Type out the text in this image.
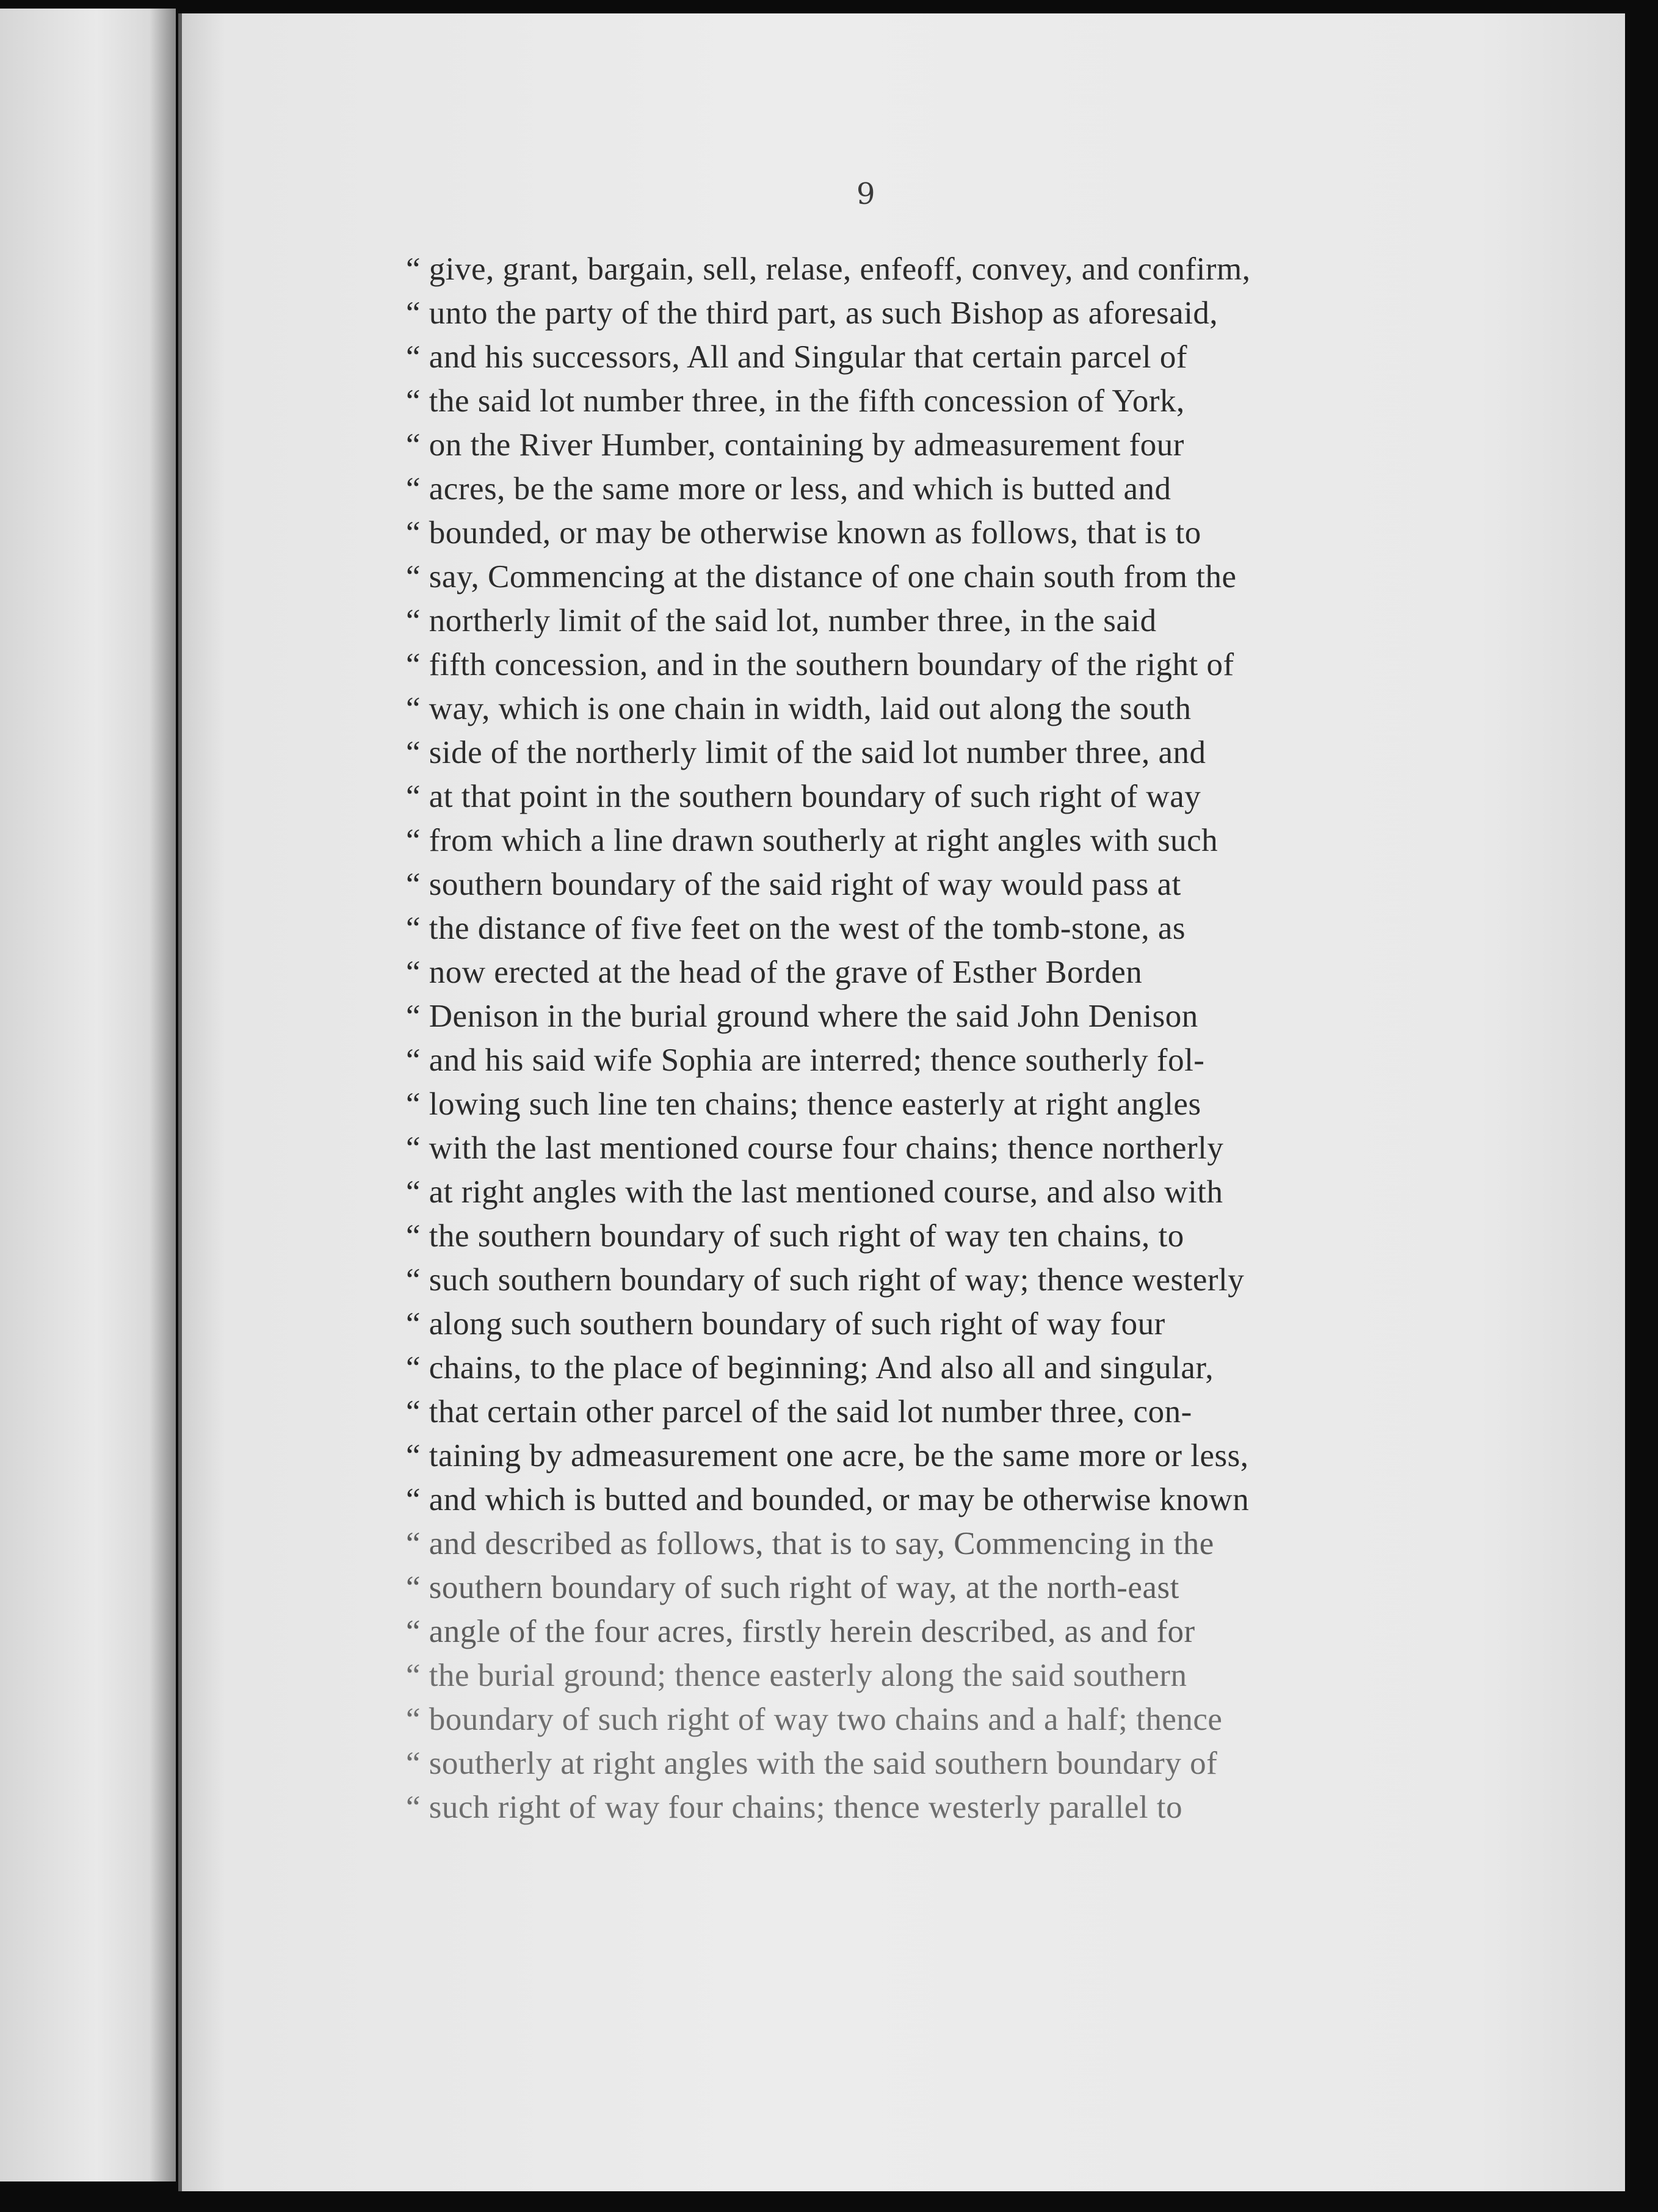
9
“ give, grant, bargain, sell, relase, enfeoff, convey, and confirm,
“ unto the party of the third part, as such Bishop as aforesaid,
“ and his successors, All and Singular that certain parcel of
“ the said lot number three, in the fifth concession of York,
“ on the River Humber, containing by admeasurement four
“ acres, be the same more or less, and which is butted and
“ bounded, or may be otherwise known as follows, that is to
“ say, Commencing at the distance of one chain south from the
“ northerly limit of the said lot, number three, in the said
“ fifth concession, and in the southern boundary of the right of
“ way, which is one chain in width, laid out along the south
“ side of the northerly limit of the said lot number three, and
“ at that point in the southern boundary of such right of way
“ from which a line drawn southerly at right angles with such
“ southern boundary of the said right of way would pass at
“ the distance of five feet on the west of the tomb-stone, as
“ now erected at the head of the grave of Esther Borden
“ Denison in the burial ground where the said John Denison
“ and his said wife Sophia are interred; thence southerly fol-
“ lowing such line ten chains; thence easterly at right angles
“ with the last mentioned course four chains; thence northerly
“ at right angles with the last mentioned course, and also with
“ the southern boundary of such right of way ten chains, to
“ such southern boundary of such right of way; thence westerly
“ along such southern boundary of such right of way four
“ chains, to the place of beginning; And also all and singular,
“ that certain other parcel of the said lot number three, con-
“ taining by admeasurement one acre, be the same more or less,
“ and which is butted and bounded, or may be otherwise known
“ and described as follows, that is to say, Commencing in the
“ southern boundary of such right of way, at the north-east
“ angle of the four acres, firstly herein described, as and for
“ the burial ground; thence easterly along the said southern
“ boundary of such right of way two chains and a half; thence
“ southerly at right angles with the said southern boundary of
“ such right of way four chains; thence westerly parallel to
